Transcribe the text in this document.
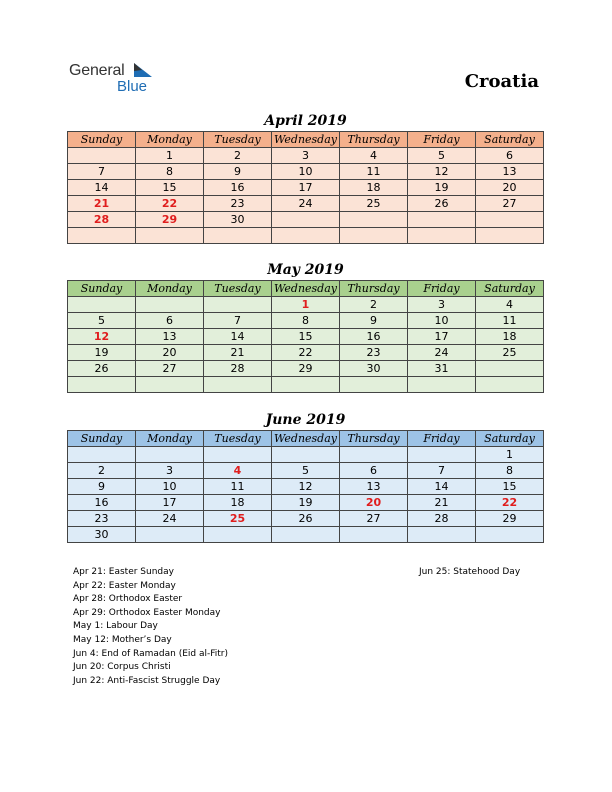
General
Blue	Croatia
April 2019
Sunday	Monday	Tuesday	Wednesday	Thursday	Friday	Saturday
	1	2	3	4	5	6
7	8	9	10	11	12	13
14	15	16	17	18	19	20
21	22	23	24	25	26	27
28	29	30				

May 2019
Sunday	Monday	Tuesday	Wednesday	Thursday	Friday	Saturday
			1	2	3	4
5	6	7	8	9	10	11
12	13	14	15	16	17	18
19	20	21	22	23	24	25
26	27	28	29	30	31	

June 2019
Sunday	Monday	Tuesday	Wednesday	Thursday	Friday	Saturday
						1
2	3	4	5	6	7	8
9	10	11	12	13	14	15
16	17	18	19	20	21	22
23	24	25	26	27	28	29
30						
Apr 21: Easter Sunday
Apr 22: Easter Monday
Apr 28: Orthodox Easter
Apr 29: Orthodox Easter Monday
May 1: Labour Day
May 12: Mother’s Day
Jun 4: End of Ramadan (Eid al-Fitr)
Jun 20: Corpus Christi
Jun 22: Anti-Fascist Struggle Day
Jun 25: Statehood Day
